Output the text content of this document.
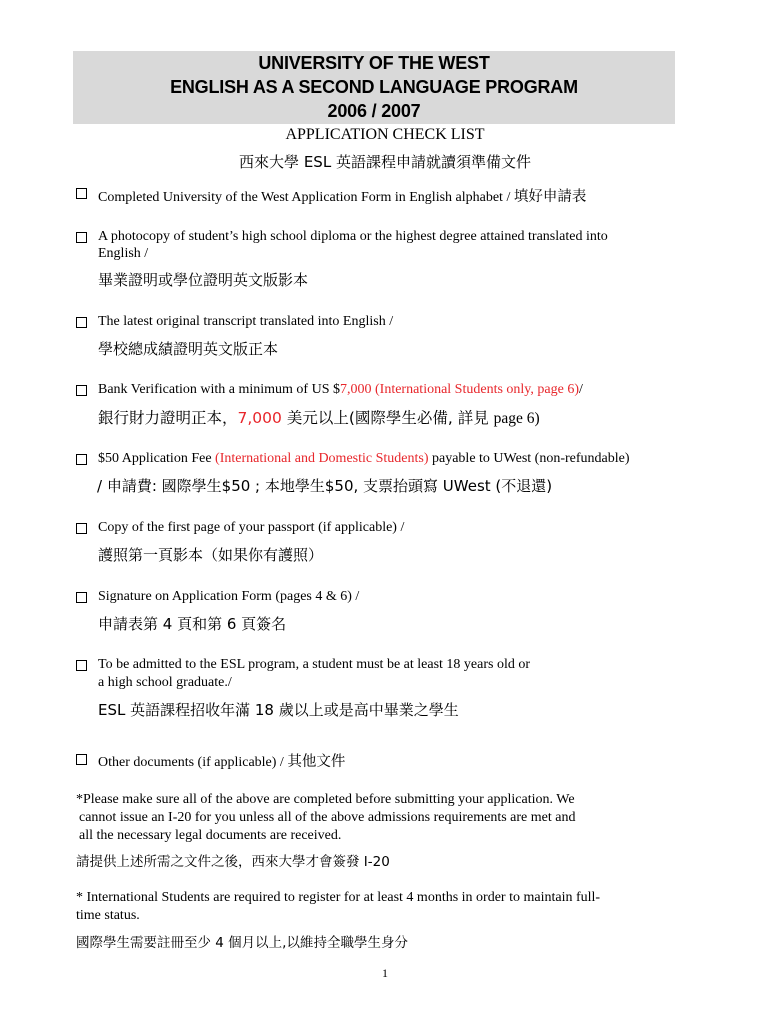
UNIVERSITY OF THE WEST
ENGLISH AS A SECOND LANGUAGE PROGRAM
2006 / 2007
APPLICATION CHECK LIST
西來大學 ESL 英語課程申請就讀須準備文件
Completed University of the West Application Form in English alphabet / 填好申請表
A photocopy of student’s high school diploma or the highest degree attained translated into
English /
畢業證明或學位證明英文版影本
The latest original transcript translated into English /
學校總成績證明英文版正本
Bank Verification with a minimum of US $7,000 (International Students only, page 6)/
銀行財力證明正本，7,000 美元以上(國際學生必備, 詳見 page 6)
$50 Application Fee (International and Domestic Students) payable to UWest (non-refundable)
/ 申請費: 國際學生$50 ; 本地學生$50, 支票抬頭寫 UWest (不退還)
Copy of the first page of your passport (if applicable) /
護照第一頁影本（如果你有護照）
Signature on Application Form (pages 4 & 6) /
申請表第 4 頁和第 6 頁簽名
To be admitted to the ESL program, a student must be at least 18 years old or
a high school graduate./
ESL 英語課程招收年滿 18 歲以上或是高中畢業之學生
Other documents (if applicable) / 其他文件
*Please make sure all of the above are completed before submitting your application. We
cannot issue an I-20 for you unless all of the above admissions requirements are met and
all the necessary legal documents are received.
請提供上述所需之文件之後，西來大學才會簽發 I-20
* International Students are required to register for at least 4 months in order to maintain full-
time status.
國際學生需要註冊至少 4 個月以上,以維持全職學生身分
1
